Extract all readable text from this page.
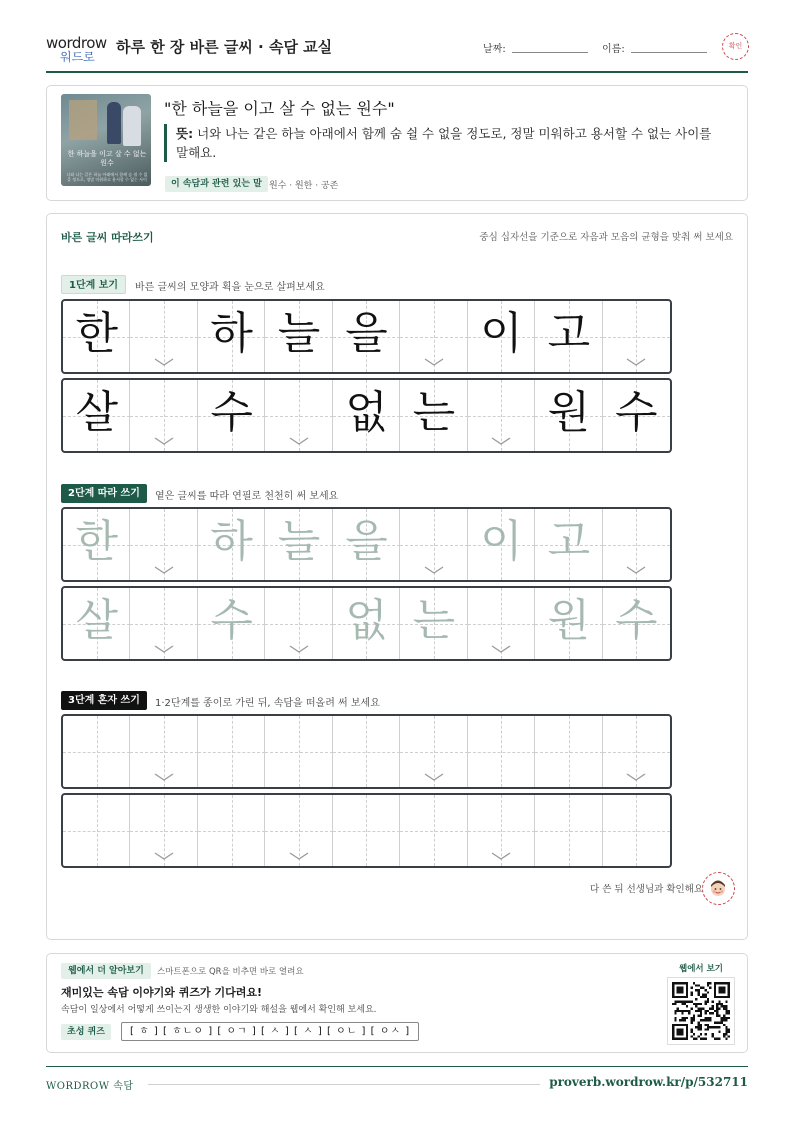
wordrow
워드로
하루 한 장 바른 글씨 · 속담 교실	날짜:	이름:	확인
한 하늘을 이고 살 수 없는 원수
너와 나는 같은 하늘 아래에서 함께 숨 쉴 수 없을 정도로, 정말 미워하고 용서할 수 없는 사이
"한 하늘을 이고 살 수 없는 원수"
뜻: 너와 나는 같은 하늘 아래에서 함께 숨 쉴 수 없을 정도로, 정말 미워하고 용서할 수 없는 사이를 말해요.
이 속담과 관련 있는 말 원수 · 원한 · 공존
바른 글씨 따라쓰기	중심 십자선을 기준으로 자음과 모음의 균형을 맞춰 써 보세요
1단계 보기	바른 글씨의 모양과 획을 눈으로 살펴보세요
한 하 늘 을 이 고
살 수 없 는 원 수
2단계 따라 쓰기	옅은 글씨를 따라 연필로 천천히 써 보세요
한 하 늘 을 이 고
살 수 없 는 원 수
3단계 혼자 쓰기	1·2단계를 종이로 가린 뒤, 속담을 떠올려 써 보세요
다 쓴 뒤 선생님과 확인해요
웹에서 더 알아보기	스마트폰으로 QR을 비추면 바로 열려요
재미있는 속담 이야기와 퀴즈가 기다려요!
속담이 일상에서 어떻게 쓰이는지 생생한 이야기와 해설을 웹에서 확인해 보세요.
초성 퀴즈	[ ㅎ ] [ ㅎㄴㅇ ] [ ㅇㄱ ] [ ㅅ ] [ ㅅ ] [ ㅇㄴ ] [ ㅇㅅ ]
웹에서 보기
WORDROW 속담	proverb.wordrow.kr/p/532711
